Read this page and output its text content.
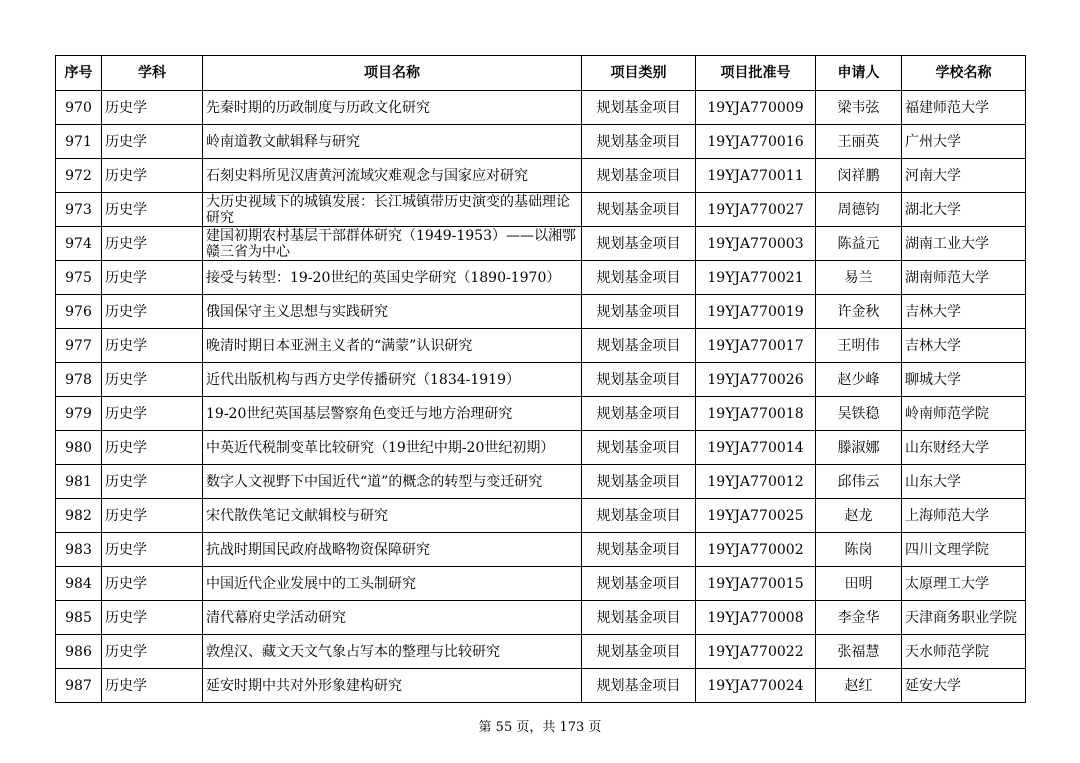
序号	学科	项目名称	项目类别	项目批准号	申请人	学校名称
970	历史学	先秦时期的历政制度与历政文化研究	规划基金项目	19YJA770009	梁韦弦	福建师范大学
971	历史学	岭南道教文献辑释与研究	规划基金项目	19YJA770016	王丽英	广州大学
972	历史学	石刻史料所见汉唐黄河流域灾难观念与国家应对研究	规划基金项目	19YJA770011	闵祥鹏	河南大学
973	历史学	大历史视域下的城镇发展：长江城镇带历史演变的基础理论研究	规划基金项目	19YJA770027	周德钧	湖北大学
974	历史学	建国初期农村基层干部群体研究（1949-1953）——以湘鄂赣三省为中心	规划基金项目	19YJA770003	陈益元	湖南工业大学
975	历史学	接受与转型：19-20世纪的英国史学研究（1890-1970）	规划基金项目	19YJA770021	易兰	湖南师范大学
976	历史学	俄国保守主义思想与实践研究	规划基金项目	19YJA770019	许金秋	吉林大学
977	历史学	晚清时期日本亚洲主义者的“满蒙”认识研究	规划基金项目	19YJA770017	王明伟	吉林大学
978	历史学	近代出版机构与西方史学传播研究（1834-1919）	规划基金项目	19YJA770026	赵少峰	聊城大学
979	历史学	19-20世纪英国基层警察角色变迁与地方治理研究	规划基金项目	19YJA770018	吴铁稳	岭南师范学院
980	历史学	中英近代税制变革比较研究（19世纪中期-20世纪初期）	规划基金项目	19YJA770014	滕淑娜	山东财经大学
981	历史学	数字人文视野下中国近代“道”的概念的转型与变迁研究	规划基金项目	19YJA770012	邱伟云	山东大学
982	历史学	宋代散佚笔记文献辑校与研究	规划基金项目	19YJA770025	赵龙	上海师范大学
983	历史学	抗战时期国民政府战略物资保障研究	规划基金项目	19YJA770002	陈岗	四川文理学院
984	历史学	中国近代企业发展中的工头制研究	规划基金项目	19YJA770015	田明	太原理工大学
985	历史学	清代幕府史学活动研究	规划基金项目	19YJA770008	李金华	天津商务职业学院
986	历史学	敦煌汉、藏文天文气象占写本的整理与比较研究	规划基金项目	19YJA770022	张福慧	天水师范学院
987	历史学	延安时期中共对外形象建构研究	规划基金项目	19YJA770024	赵红	延安大学
第 55 页，共 173 页
